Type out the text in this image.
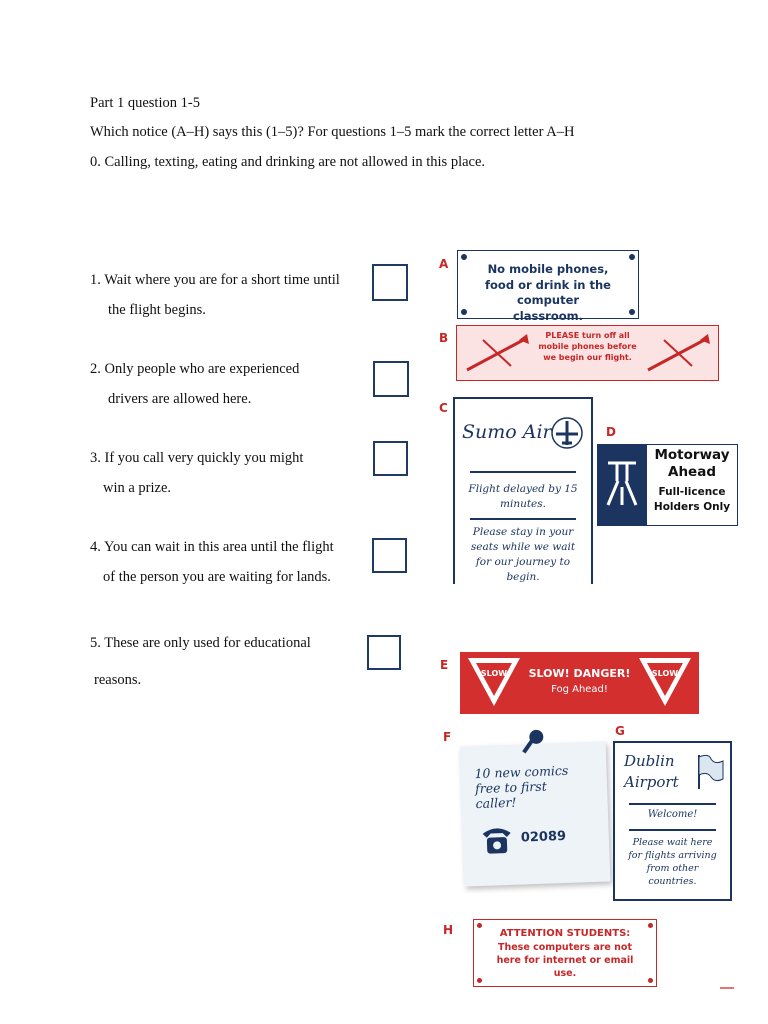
Part 1 question 1-5
Which notice (A–H) says this (1–5)? For questions 1–5 mark the correct letter A–H
0. Calling, texting, eating and drinking are not allowed in this place.
1. Wait where you are for a short time until
the flight begins.
2. Only people who are experienced
drivers are allowed here.
3. If you call very quickly you might
win a prize.
4. You can wait in this area until the flight
of the person you are waiting for lands.
5. These are only used for educational
reasons.
A	No mobile phones, food or drink in the computer classroom.
B	PLEASE turn off all mobile phones before we begin our flight.
C
Sumo Air
Flight delayed by 15 minutes.
Please stay in your seats while we wait for our journey to begin.
D
Motorway
Ahead
Full-licence
Holders Only
E
SLOW	SLOW! DANGER!
Fog Ahead!
SLOW
F
10 new comics
free to first
caller!
02089
G
Dublin
Airport
Welcome!
Please wait here for flights arriving from other countries.
H	ATTENTION STUDENTS:
These computers are not here for internet or email use.
